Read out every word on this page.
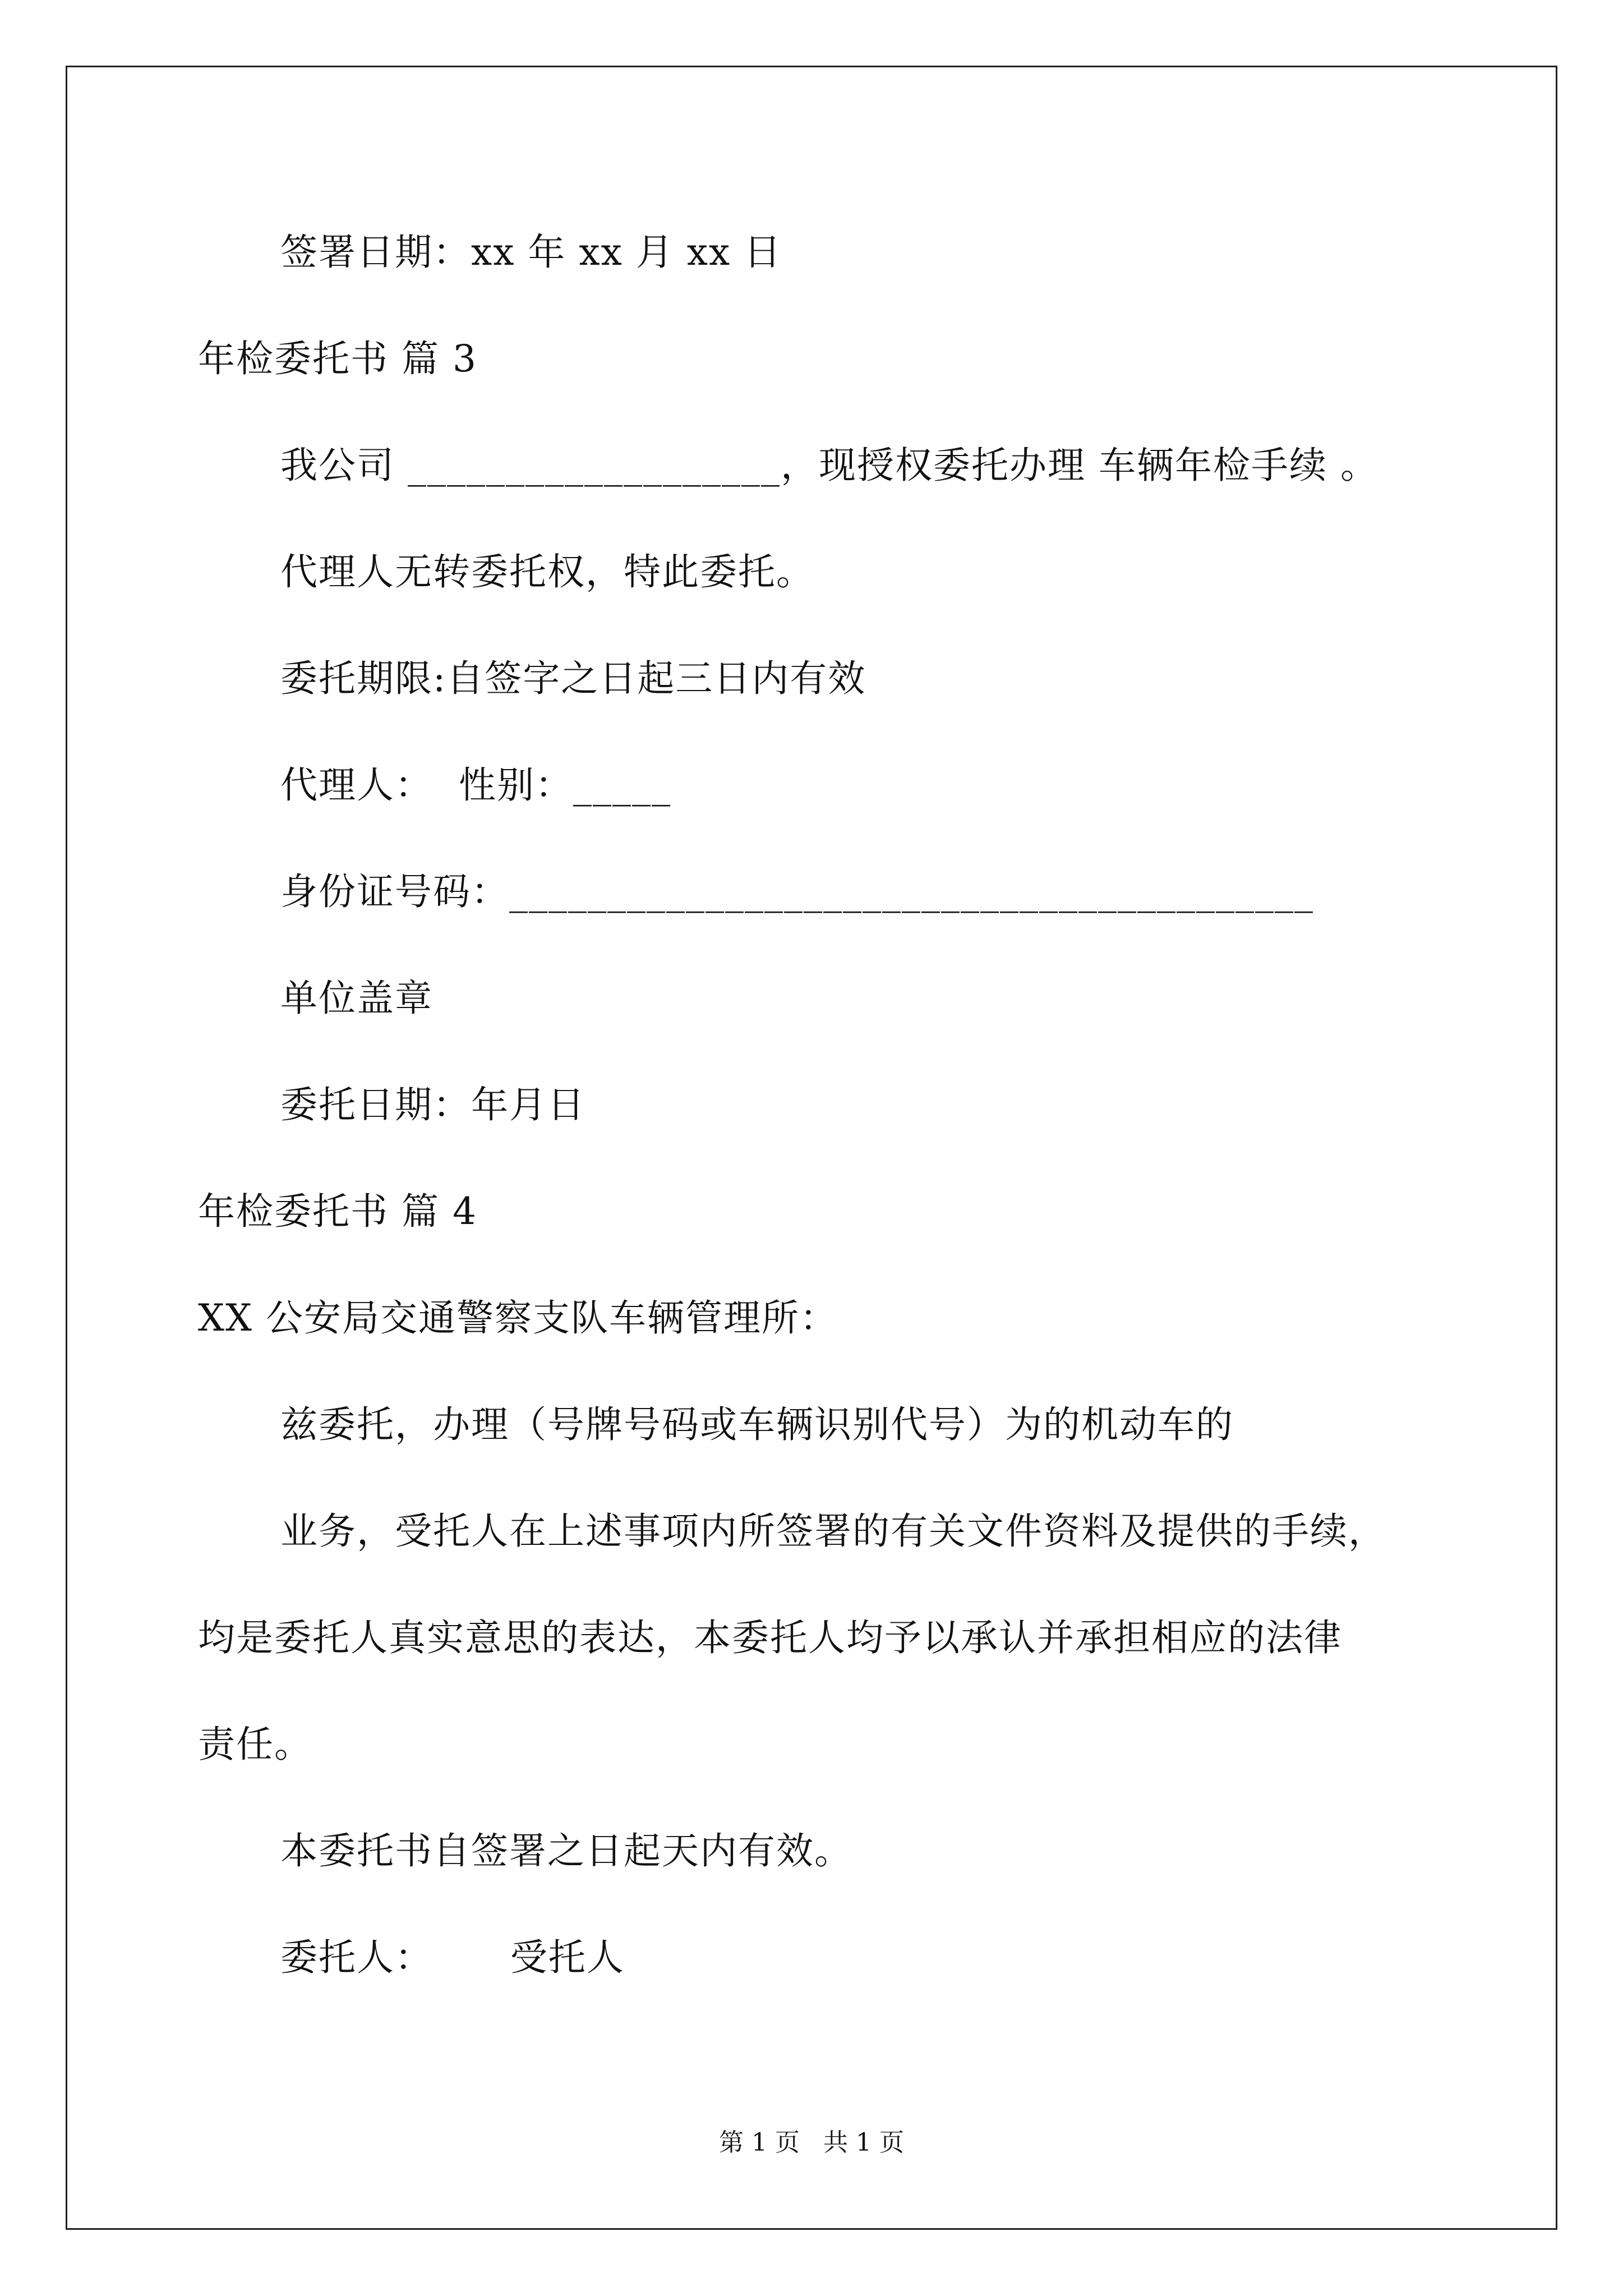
签署日期：xx 年 xx 月 xx 日
年检委托书 篇 3
我公司 ___________________，现授权委托办理 车辆年检手续 。
代理人无转委托权，特此委托。
委托期限:自签字之日起三日内有效
代理人：  性别：_____
身份证号码：_________________________________________
单位盖章
委托日期：年月日
年检委托书 篇 4
XX 公安局交通警察支队车辆管理所：
兹委托，办理（号牌号码或车辆识别代号）为的机动车的
业务，受托人在上述事项内所签署的有关文件资料及提供的手续，
均是委托人真实意思的表达，本委托人均予以承认并承担相应的法律
责任。
本委托书自签署之日起天内有效。
委托人：      受托人
第 1 页   共 1 页
